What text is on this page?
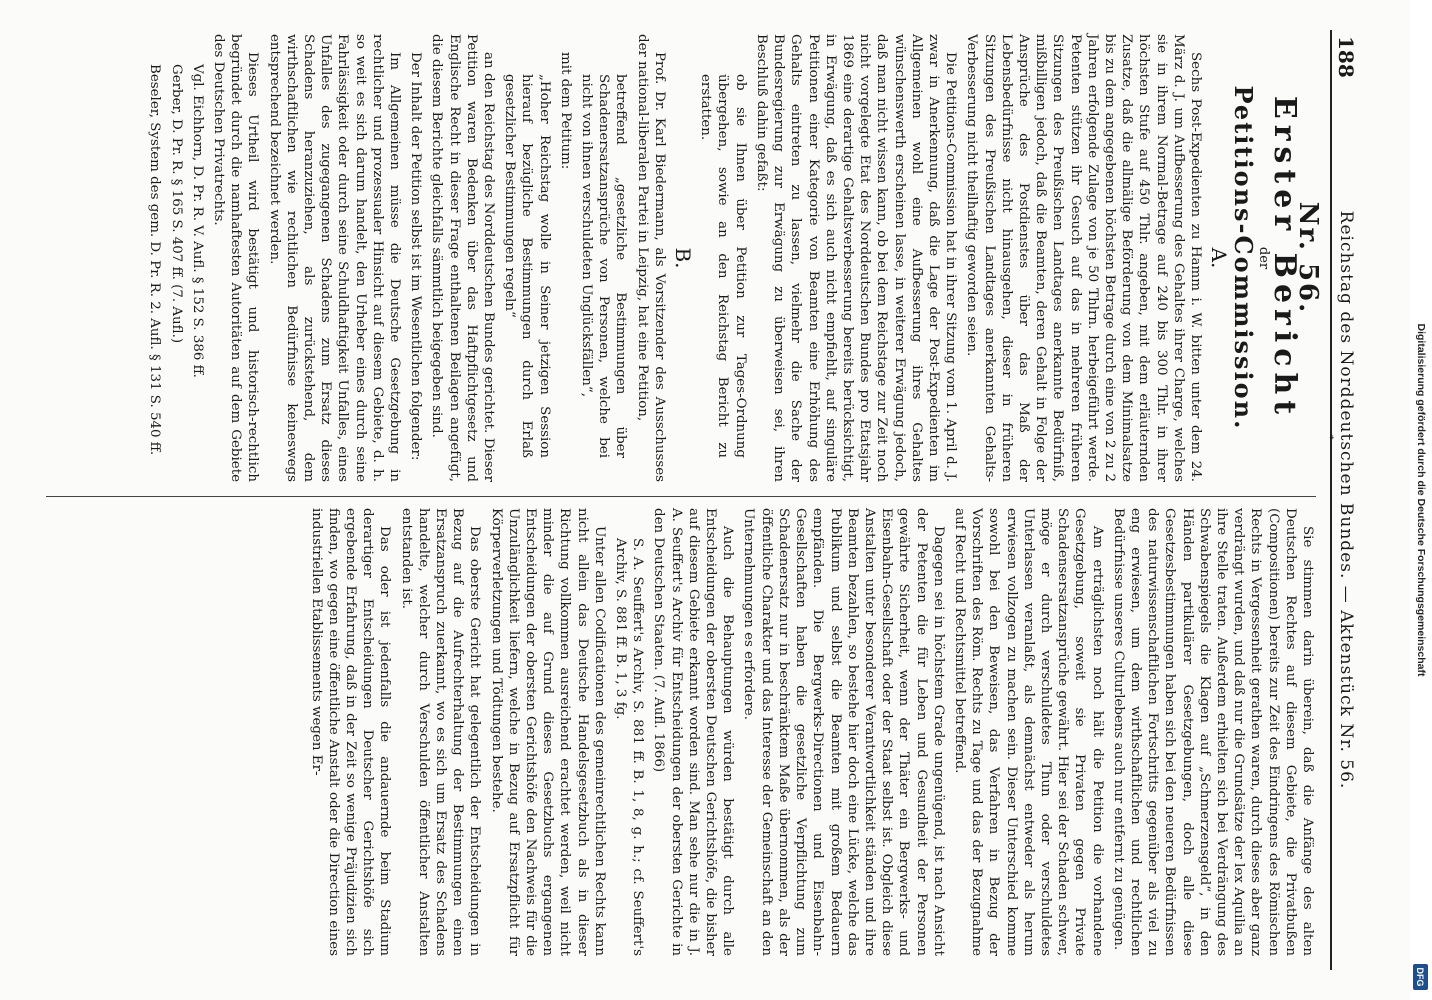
188
Reichstag des Norddeutschen Bundes. — Aktenstück Nr. 56.
*
Nr. 56.
Erster Bericht
der
Petitions-Commission.
A.

Sechs Post-Expedienten zu Hamm i. W. bitten unter dem 24. März d. J. um Aufbesserung des Gehaltes ihrer Charge, welches sie in ihrem Normal-Betrage auf 240 bis 300 Thlr. in ihrer höchsten Stufe auf 450 Thlr. angeben, mit dem erläuternden Zusatze, daß die allmälige Beförderung von dem Minimalsatze bis zu dem angegebenen höchsten Betrage durch eine von 2 zu 2 Jahren erfolgende Zulage von je 50 Thlrn. herbeigeführt werde. Petenten stützen ihr Gesuch auf das in mehreren früheren Sitzungen des Preußischen Landtages anerkannte Bedürfniß, mißbilligen jedoch, daß die Beamten, deren Gehalt in Folge der Ansprüche des Postdienstes über das Maß der Lebensbedürfnisse nicht hinausgehen, dieser in früheren Sitzungen des Preußischen Landtages anerkannten Gehalts-Verbesserung nicht theilhaftig geworden seien.

Die Petitions-Commission hat in ihrer Sitzung vom 1. April d. J. zwar in Anerkennung, daß die Lage der Post-Expedienten im Allgemeinen wohl eine Aufbesserung ihres Gehaltes wünschenswerth erscheinen lasse, in weiterer Erwägung jedoch, daß man nicht wissen kann, ob bei dem Reichstage zur Zeit noch nicht vorgelegte Etat des Norddeutschen Bundes pro Etatsjahr 1869 eine derartige Gehaltsverbesserung bereits berücksichtigt, in Erwägung, daß es sich auch nicht empfiehlt, auf singuläre Petitionen einer Kategorie von Beamten eine Erhöhung des Gehalts eintreten zu lassen, vielmehr die Sache der Bundesregierung zur Erwägung zu überweisen sei, ihren Beschluß dahin gefaßt:

ob sie Ihnen über Petition zur Tages-Ordnung übergehen, sowie an den Reichstag Bericht zu erstatten.

B.

Prof. Dr. Karl Biedermann, als Vorsitzender des Ausschusses der national-liberalen Partei in Leipzig, hat eine Petition,

betreffend „gesetzliche Bestimmungen über Schadenersatzansprüche von Personen, welche bei nicht von ihnen verschuldeten Unglücksfällen“,

mit dem Petitum:

„Hoher Reichstag wolle in Seiner jetzigen Session hierauf bezügliche Bestimmungen durch Erlaß gesetzlicher Bestimmungen regeln“

an den Reichstag des Norddeutschen Bundes gerichtet. Dieser Petition waren Bedenken über das Haftpflichtgesetz und Englische Recht in dieser Frage enthaltenen Beilagen angefügt, die diesem Berichte gleichfalls sämmtlich beigegeben sind.

Der Inhalt der Petition selbst ist im Wesentlichen folgender:

Im Allgemeinen müsse die Deutsche Gesetzgebung in rechtlicher und prozessualer Hinsicht auf diesem Gebiete, d. h. so weit es sich darum handelt, den Urheber eines durch seine Fahrlässigkeit oder durch seine Schuldhaftigkeit Unfalles, eines Unfalles des zugegangenen Schadens zum Ersatz dieses Schadens heranzuziehen, als zurückstehend, dem wirthschaftlichen wie rechtlichen Bedürfnisse keineswegs entsprechend bezeichnet werden.

Dieses Urtheil wird bestätigt und historisch-rechtlich begründet durch die namhaftesten Autoritäten auf dem Gebiete des Deutschen Privatrechts.

Vgl. Eichhorn, D. Pr. R. V. Aufl. § 152 S. 386 ff.

Gerber, D. Pr. R. § 165 S. 407 ff. (7. Aufl.)

Beseler, System des gem. D. Pr. R. 2. Aufl. § 131 S. 540 ff.

Sie stimmen darin überein, daß die Anfänge des alten Deutschen Rechtes auf diesem Gebiete, die Privatbußen (Compositionen) bereits zur Zeit des Eindringens des Römischen Rechts in Vergessenheit gerathen waren, durch dieses aber ganz verdrängt wurden, und daß nur die Grundsätze der lex Aquilia an ihre Stelle traten. Außerdem erhielten sich bei Verdrängung des Schwabenspiegels die Klagen auf „Schmerzensgeld“, in den Händen partikulärer Gesetzgebungen, doch alle diese Gesetzesbestimmungen haben sich bei den neueren Bedürfnissen des naturwissenschaftlichen Fortschritts gegenüber als viel zu eng erwiesen, um dem wirthschaftlichen und rechtlichen Bedürfnisse unseres Culturlebens auch nur entfernt zu genügen.

Am erträglichsten noch hält die Petition die vorhandene Gesetzgebung, soweit sie Privaten gegen Private Schadensersatzansprüche gewährt. Hier sei der Schaden schwer, möge er durch verschuldetes Thun oder verschuldetes Unterlassen veranlaßt, als demnächst entweder als herum erwiesen vollzogen zu machen sein. Dieser Unterschied komme sowohl bei den Beweisen, das Verfahren in Bezug der Vorschriften des Röm. Rechts zu Tage und das der Bezugnahme auf Recht und Rechtsmittel betreffend.

Dagegen sei in höchstem Grade ungenügend, ist nach Ansicht der Petenten die für Leben und Gesundheit der Personen gewährte Sicherheit, wenn der Thäter ein Bergwerks- und Eisenbahn-Gesellschaft oder der Staat selbst ist. Obgleich diese Anstalten unter besonderer Verantwortlichkeit ständen und ihre Beamten bezahlen, so bestehe hier doch eine Lücke, welche das Publikum und selbst die Beamten mit großem Bedauern empfänden. Die Bergwerks-Directionen und Eisenbahn-Gesellschaften haben die gesetzliche Verpflichtung zum Schadenersatz nur in beschränktem Maße übernommen, als der öffentliche Charakter und das Interesse der Gemeinschaft an den Unternehmungen es erfordere.

Auch die Behauptungen würden bestätigt durch alle Entscheidungen der obersten Deutschen Gerichtshöfe, die bisher auf diesem Gebiete erkannt worden sind. Man sehe nur die in J. A. Seuffert's Archiv für Entscheidungen der obersten Gerichte in den Deutschen Staaten. (7. Aufl. 1866)

S. A. Seuffert's Archiv, S. 881 ff. B. 1, 8, g. h.; cf. Seuffert's Archiv, S. 881 ff. B. 1, 3 fg.

Unter allen Codificationen des gemeinrechtlichen Rechts kann nicht allein das Deutsche Handelsgesetzbuch als in dieser Richtung vollkommen ausreichend erachtet werden, weil nicht minder die auf Grund dieses Gesetzbuchs ergangenen Entscheidungen der obersten Gerichtshöfe den Nachweis für die Unzulänglichkeit liefern, welche in Bezug auf Ersatzpflicht für Körperverletzungen und Tödtungen bestehe.

Das oberste Gericht hat gelegentlich der Entscheidungen in Bezug auf die Aufrechterhaltung der Bestimmungen einen Ersatzanspruch zuerkannt, wo es sich um Ersatz des Schadens handelte, welcher durch Verschulden öffentlicher Anstalten entstanden ist.

Das oder ist jedenfalls die andauernde beim Stadium derartiger Entscheidungen Deutscher Gerichtshöfe sich ergebende Erfahrung, daß in der Zeit so wenige Präjudizien sich finden, wo gegen eine öffentliche Anstalt oder die Direction eines industriellen Etablissements wegen Er-	Digitalisierung gefördert durch die Deutsche Forschungsgemeinschaft
DFG
